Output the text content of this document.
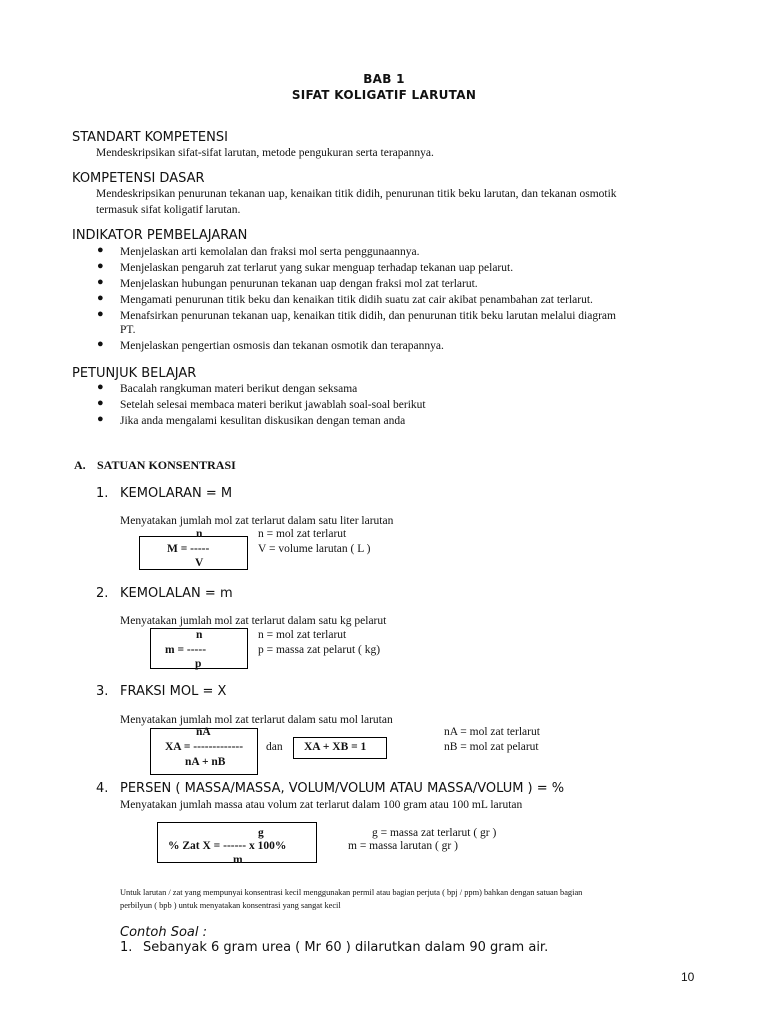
BAB 1
SIFAT KOLIGATIF LARUTAN
STANDART KOMPETENSI
Mendeskripsikan sifat-sifat larutan, metode pengukuran serta terapannya.
KOMPETENSI DASAR
Mendeskripsikan penurunan tekanan uap, kenaikan titik didih, penurunan titik beku larutan, dan tekanan osmotik
termasuk sifat koligatif larutan.
INDIKATOR PEMBELAJARAN
● Menjelaskan arti kemolalan dan fraksi mol serta penggunaannya.
● Menjelaskan pengaruh zat terlarut yang sukar menguap terhadap tekanan uap pelarut.
● Menjelaskan hubungan penurunan tekanan uap dengan fraksi mol zat terlarut.
● Mengamati penurunan titik beku dan kenaikan titik didih suatu zat cair akibat penambahan zat terlarut.
● Menafsirkan penurunan tekanan uap, kenaikan titik didih, dan penurunan titik beku larutan melalui diagram
PT.
● Menjelaskan pengertian osmosis dan tekanan osmotik dan terapannya.
PETUNJUK BELAJAR
● Bacalah rangkuman materi berikut dengan seksama
● Setelah selesai membaca materi berikut jawablah soal-soal berikut
● Jika anda mengalami kesulitan diskusikan dengan teman anda
A. SATUAN KONSENTRASI
1. KEMOLARAN = M
Menyatakan jumlah mol zat terlarut dalam satu liter larutan
n
M = -----
V
n = mol zat terlarut
V = volume larutan ( L )
2. KEMOLALAN = m
Menyatakan jumlah mol zat terlarut dalam satu kg pelarut
n
m = -----
p
n = mol zat terlarut
p = massa zat pelarut ( kg)
3. FRAKSI MOL = X
Menyatakan jumlah mol zat terlarut dalam satu mol larutan
nA
XA = -------------
nA + nB
dan XA + XB = 1
nA = mol zat terlarut
nB = mol zat pelarut
4. PERSEN ( MASSA/MASSA, VOLUM/VOLUM ATAU MASSA/VOLUM ) = %
Menyatakan jumlah massa atau volum zat terlarut dalam 100 gram atau 100 mL larutan
g
% Zat X = ------ x 100%
m
g = massa zat terlarut ( gr )
m = massa larutan ( gr )
Untuk larutan / zat yang mempunyai konsentrasi kecil menggunakan permil atau bagian perjuta ( bpj / ppm) bahkan dengan satuan bagian
perbilyun ( bpb ) untuk menyatakan konsentrasi yang sangat kecil
Contoh Soal :
1. Sebanyak 6 gram urea ( Mr 60 ) dilarutkan dalam 90 gram air.
10
